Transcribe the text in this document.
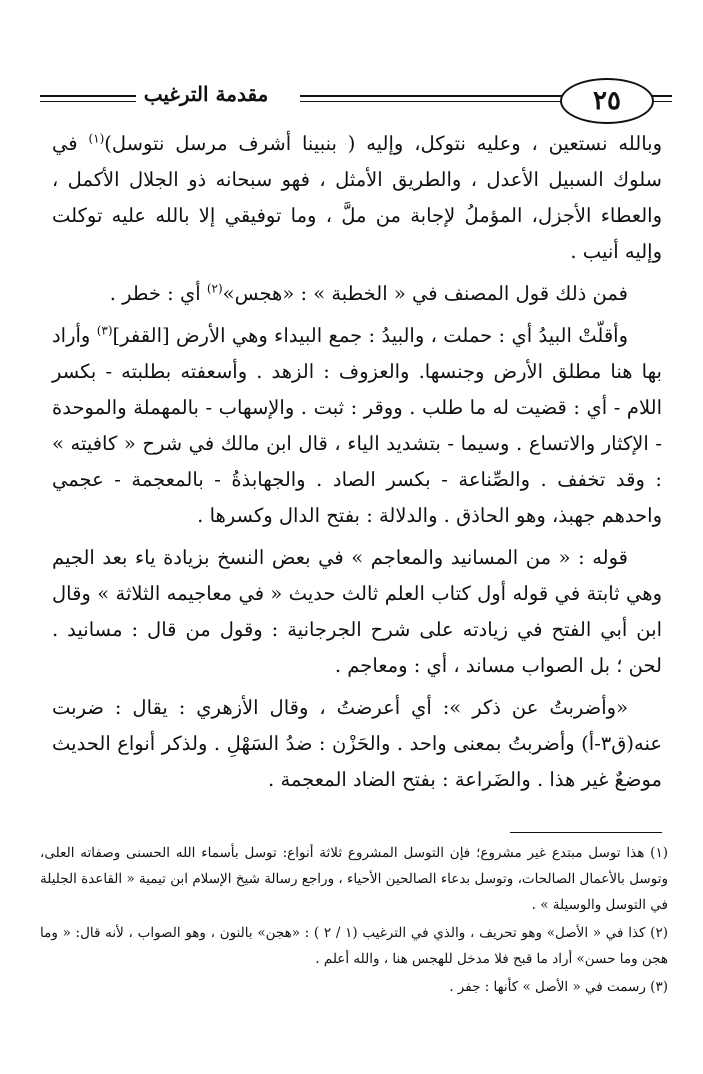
مقدمة الترغيب	٢٥

وبالله نستعين ، وعليه نتوكل، وإليه ( بنبينا أشرف مرسل نتوسل)$^{(١)}$ في سلوك السبيل الأعدل ، والطريق الأمثل ، فهو سبحانه ذو الجلال الأكمل ، والعطاء الأجزل، المؤملُ لإجابة من ملَّ ، وما توفيقي إلا بالله عليه توكلت وإليه أنيب .

فمن ذلك قول المصنف في « الخطبة » : «هجس»$^{(٢)}$ أي : خطر .

وأقلّتْ البيدُ أي : حملت ، والبيدُ : جمع البيداء وهي الأرض [القفر]$^{(٣)}$ وأراد بها هنا مطلق الأرض وجنسها. والعزوف : الزهد . وأسعفته بطلبته - بكسر اللام - أي : قضيت له ما طلب . ووقر : ثبت . والإسهاب - بالمهملة والموحدة - الإكثار والاتساع . وسيما - بتشديد الياء ، قال ابن مالك في شرح « كافيته » : وقد تخفف . والصِّناعة - بكسر الصاد . والجهابذةُ - بالمعجمة - عجمي واحدهم جهبذ، وهو الحاذق . والدلالة : بفتح الدال وكسرها .

قوله : « من المسانيد والمعاجم » في بعض النسخ بزيادة ياء بعد الجيم وهي ثابتة في قوله أول كتاب العلم ثالث حديث « في معاجيمه الثلاثة » وقال ابن أبي الفتح في زيادته على شرح الجرجانية : وقول من قال : مسانيد . لحن ؛ بل الصواب مساند ، أي : ومعاجم .

«وأضربتُ عن ذكر »: أي أعرضتُ ، وقال الأزهري : يقال : ضربت عنه(ق٣-أ) وأضربتُ بمعنى واحد . والحَزْن : ضدُ السَهْلِ . ولذكر أنواع الحديث موضعٌ غير هذا . والضَراعة : بفتح الضاد المعجمة .

(١) هذا توسل مبتدع غير مشروع؛ فإن التوسل المشروع ثلاثة أنواع: توسل بأسماء الله الحسنى وصفاته العلى، وتوسل بالأعمال الصالحات، وتوسل بدعاء الصالحين الأحياء ، وراجع رسالة شيخ الإسلام ابن تيمية « القاعدة الجليلة في التوسل والوسيلة » .

(٢) كذا في « الأصل» وهو تحريف ، والذي في الترغيب (١ / ٢ ) : «هجن» بالنون ، وهو الصواب ، لأنه قال: « وما هجن وما حسن» أراد ما قبح فلا مدخل للهجس هنا ، والله أعلم .

(٣) رسمت في « الأصل » كأنها : جفر .
